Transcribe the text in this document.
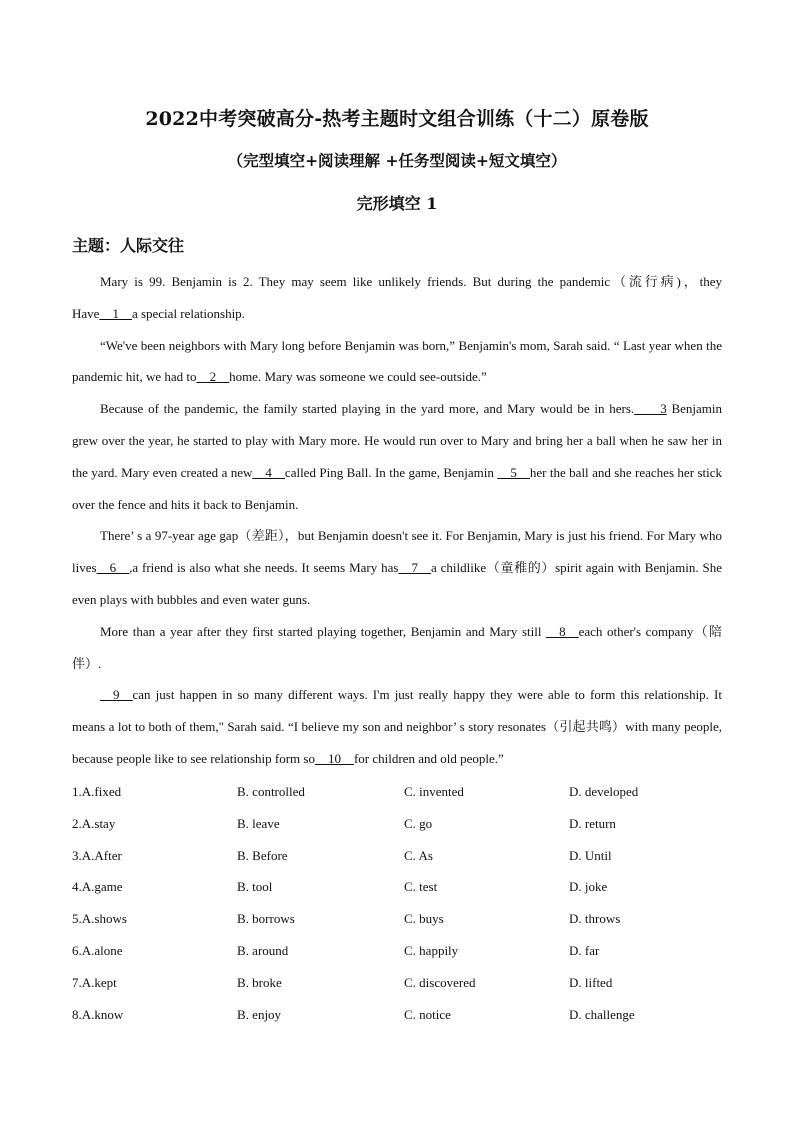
2022中考突破高分-热考主题时文组合训练（十二）原卷版
（完型填空+阅读理解 +任务型阅读+短文填空）
完形填空 1
主题：人际交往

Mary is 99. Benjamin is 2. They may seem like unlikely friends. But during the pandemic（流行病)，they Have__1__a special relationship.

“We've been neighbors with Mary long before Benjamin was born,” Benjamin's mom, Sarah said. “ Last year when the pandemic hit, we had to__2__home. Mary was someone we could see-outside.”

Because of the pandemic, the family started playing in the yard more, and Mary would be in hers.____3 Benjamin grew over the year, he started to play with Mary more. He would run over to Mary and bring her a ball when he saw her in the yard. Mary even created a new__4__called Ping Ball. In the game, Benjamin __5__her the ball and she reaches her stick over the fence and hits it back to Benjamin.

There’ s a 97-year age gap（差距），but Benjamin doesn't see it. For Benjamin, Mary is just his friend. For Mary who lives__6__,a friend is also what she needs. It seems Mary has__7__a childlike（童稚的）spirit again with Benjamin. She even plays with bubbles and even water guns.

More than a year after they first started playing together, Benjamin and Mary still __8__each other's company（陪伴）.

__9__can just happen in so many different ways. I'm just really happy they were able to form this relationship. It means a lot to both of them," Sarah said. “I believe my son and neighbor’ s story resonates（引起共鸣）with many people, because people like to see relationship form so__10__for children and old people.”

1.A.fixed	B. controlled	C. invented	D. developed
2.A.stay	B. leave	C. go	D. return
3.A.After	B. Before	C. As	D. Until
4.A.game	B. tool	C. test	D. joke
5.A.shows	B. borrows	C. buys	D. throws
6.A.alone	B. around	C. happily	D. far
7.A.kept	B. broke	C. discovered	D. lifted
8.A.know	B. enjoy	C. notice	D. challenge
